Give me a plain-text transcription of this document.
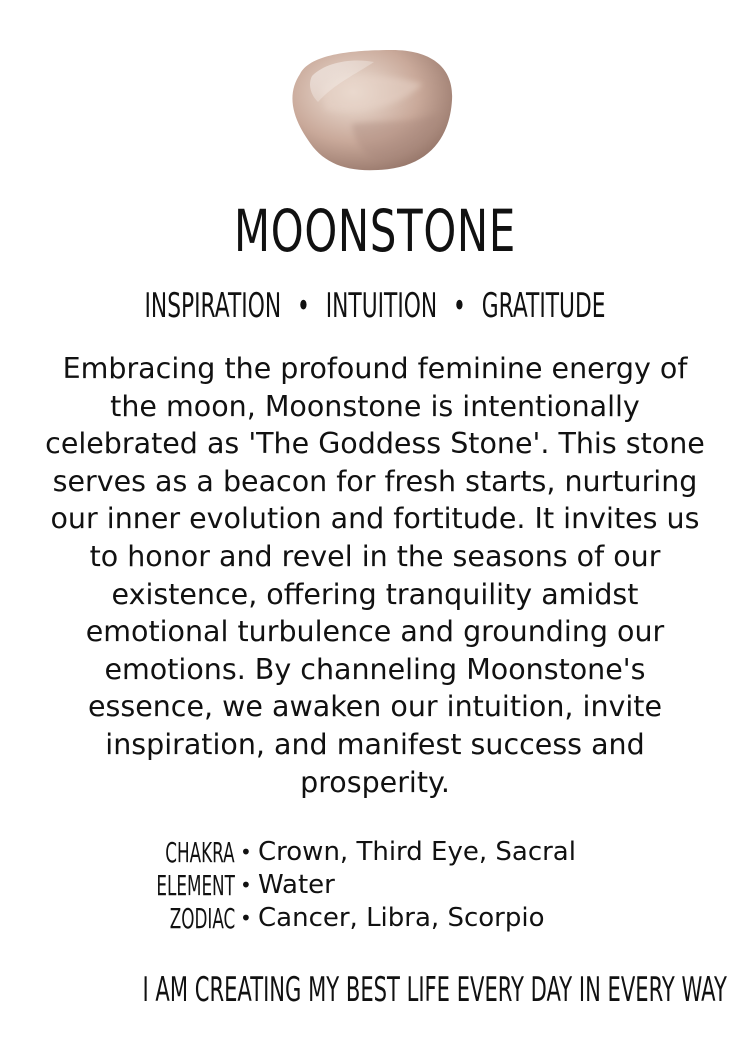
MOONSTONE
INSPIRATION • INTUITION • GRATITUDE

Embracing the profound feminine energy of the moon, Moonstone is intentionally celebrated as 'The Goddess Stone'. This stone serves as a beacon for fresh starts, nurturing our inner evolution and fortitude. It invites us to honor and revel in the seasons of our existence, offering tranquility amidst emotional turbulence and grounding our emotions. By channeling Moonstone's essence, we awaken our intuition, invite inspiration, and manifest success and prosperity.

CHAKRA • Crown, Third Eye, Sacral
ELEMENT • Water
ZODIAC • Cancer, Libra, Scorpio

I AM CREATING MY BEST LIFE EVERY DAY IN EVERY WAY
